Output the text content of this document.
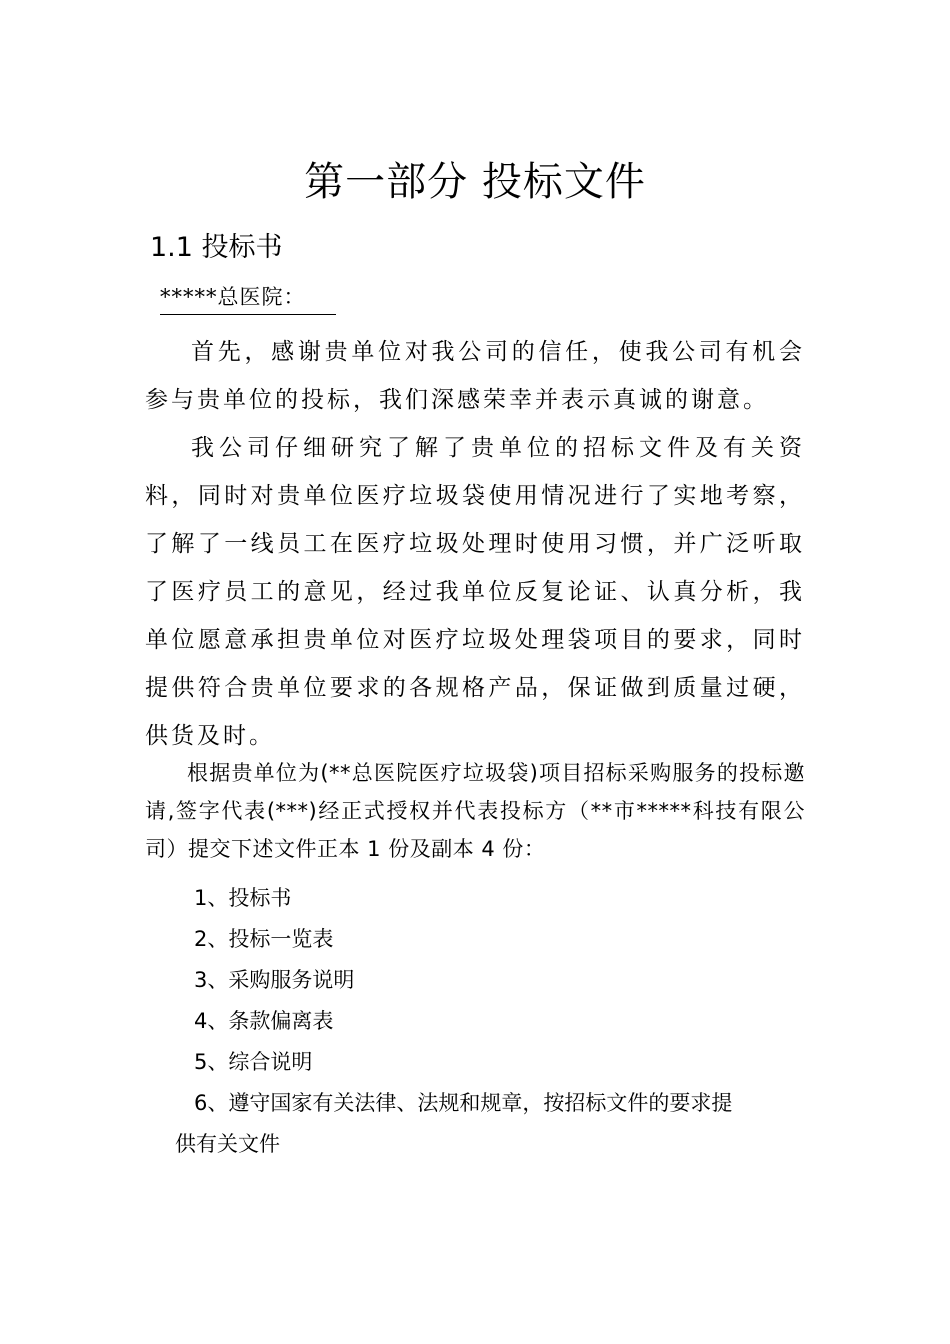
第一部分 投标文件
1.1 投标书
*****总医院：

首先，感谢贵单位对我公司的信任，使我公司有机会参与贵单位的投标，我们深感荣幸并表示真诚的谢意。

我公司仔细研究了解了贵单位的招标文件及有关资料，同时对贵单位医疗垃圾袋使用情况进行了实地考察，了解了一线员工在医疗垃圾处理时使用习惯，并广泛听取了医疗员工的意见，经过我单位反复论证、认真分析，我单位愿意承担贵单位对医疗垃圾处理袋项目的要求，同时提供符合贵单位要求的各规格产品，保证做到质量过硬，供货及时。

根据贵单位为(**总医院医疗垃圾袋)项目招标采购服务的投标邀请,签字代表(***)经正式授权并代表投标方（**市*****科技有限公司）提交下述文件正本 1 份及副本 4 份：

1、投标书
2、投标一览表
3、采购服务说明
4、条款偏离表
5、综合说明
6、遵守国家有关法律、法规和规章，按招标文件的要求提
供有关文件
